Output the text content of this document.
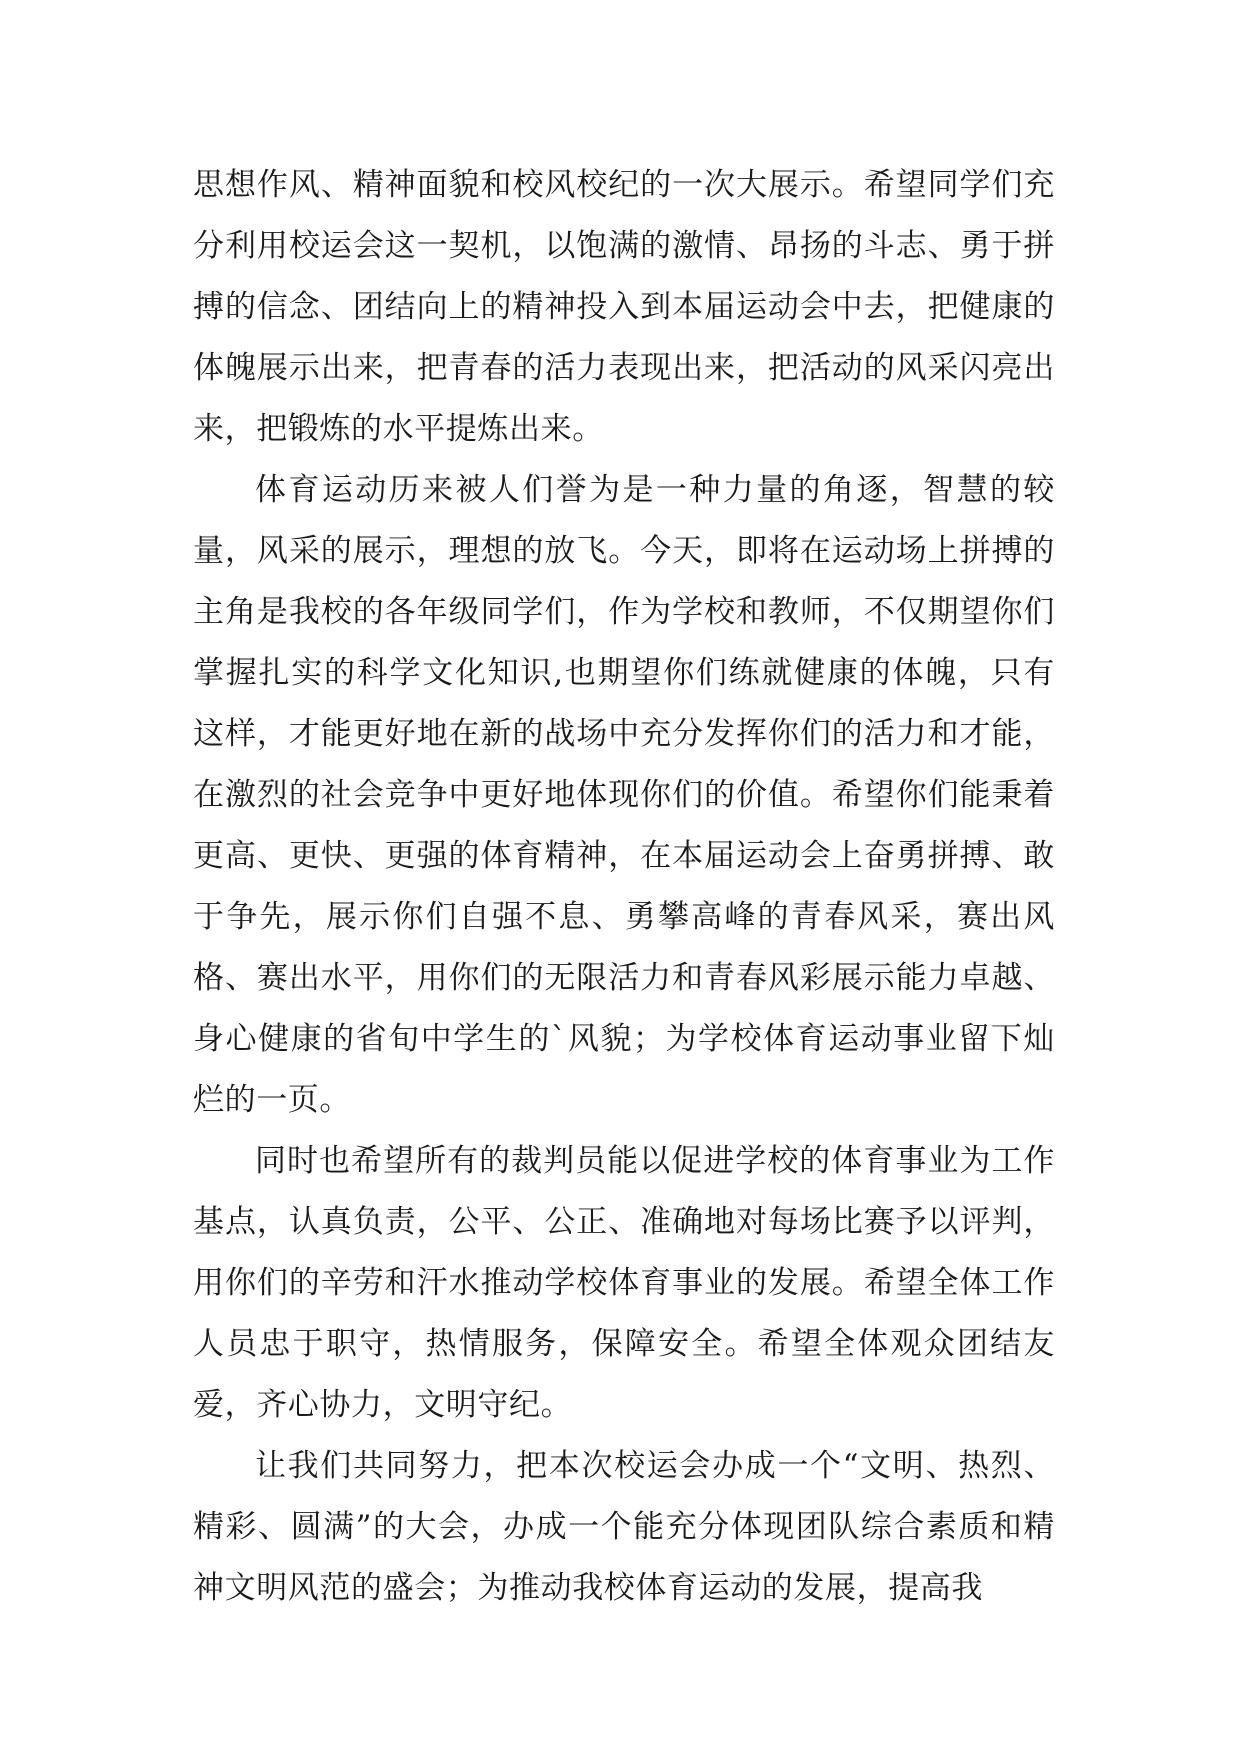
思想作风、精神面貌和校风校纪的一次大展示。希望同学们充分利用校运会这一契机，以饱满的激情、昂扬的斗志、勇于拼搏的信念、团结向上的精神投入到本届运动会中去，把健康的体魄展示出来，把青春的活力表现出来，把活动的风采闪亮出来，把锻炼的水平提炼出来。

体育运动历来被人们誉为是一种力量的角逐，智慧的较量，风采的展示，理想的放飞。今天，即将在运动场上拼搏的主角是我校的各年级同学们，作为学校和教师，不仅期望你们掌握扎实的科学文化知识,也期望你们练就健康的体魄，只有这样，才能更好地在新的战场中充分发挥你们的活力和才能，在激烈的社会竞争中更好地体现你们的价值。希望你们能秉着更高、更快、更强的体育精神，在本届运动会上奋勇拼搏、敢于争先，展示你们自强不息、勇攀高峰的青春风采，赛出风格、赛出水平，用你们的无限活力和青春风彩展示能力卓越、身心健康的省旬中学生的`风貌；为学校体育运动事业留下灿烂的一页。

同时也希望所有的裁判员能以促进学校的体育事业为工作基点，认真负责，公平、公正、准确地对每场比赛予以评判，用你们的辛劳和汗水推动学校体育事业的发展。希望全体工作人员忠于职守，热情服务，保障安全。希望全体观众团结友爱，齐心协力，文明守纪。

让我们共同努力，把本次校运会办成一个“文明、热烈、精彩、圆满”的大会，办成一个能充分体现团队综合素质和精神文明风范的盛会；为推动我校体育运动的发展，提高我
